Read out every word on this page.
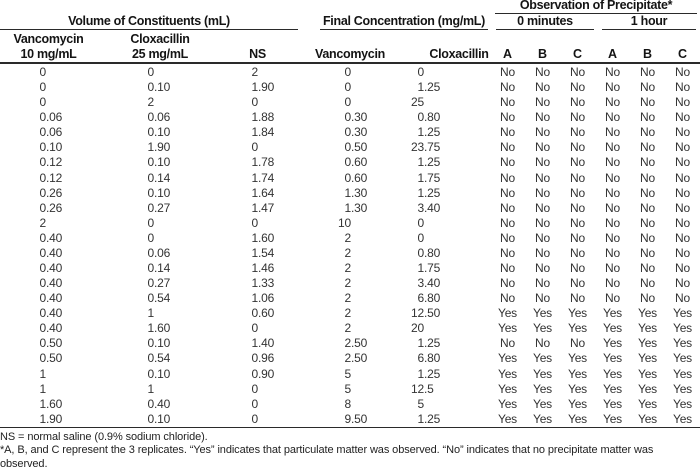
Observation of Precipitate*
Volume of Constituents (mL)	Final Concentration (mg/mL)	0 minutes	1 hour
Vancomycin
10 mg/mL
Cloxacillin
25 mg/mL	NS	Vancomycin	Cloxacillin	A	B	C	A	B	C
0	0	2	0	0	No	No	No	No	No	No
0	0 .10	1 .90	0	1 .25	No	No	No	No	No	No
0	2	0	0	25	No	No	No	No	No	No
0 .06	0 .06	1 .88	0 .30	0 .80	No	No	No	No	No	No
0 .06	0 .10	1 .84	0 .30	1 .25	No	No	No	No	No	No
0 .10	1 .90	0	0 .50	23 .75	No	No	No	No	No	No
0 .12	0 .10	1 .78	0 .60	1 .25	No	No	No	No	No	No
0 .12	0 .14	1 .74	0 .60	1 .75	No	No	No	No	No	No
0 .26	0 .10	1 .64	1 .30	1 .25	No	No	No	No	No	No
0 .26	0 .27	1 .47	1 .30	3 .40	No	No	No	No	No	No
2	0	0	10	0	No	No	No	No	No	No
0 .40	0	1 .60	2	0	No	No	No	No	No	No
0 .40	0 .06	1 .54	2	0 .80	No	No	No	No	No	No
0 .40	0 .14	1 .46	2	1 .75	No	No	No	No	No	No
0 .40	0 .27	1 .33	2	3 .40	No	No	No	No	No	No
0 .40	0 .54	1 .06	2	6 .80	No	No	No	No	No	No
0 .40	1	0 .60	2	12 .50	Yes	Yes	Yes	Yes	Yes	Yes
0 .40	1 .60	0	2	20	Yes	Yes	Yes	Yes	Yes	Yes
0 .50	0 .10	1 .40	2 .50	1 .25	No	No	No	Yes	Yes	Yes
0 .50	0 .54	0 .96	2 .50	6 .80	Yes	Yes	Yes	Yes	Yes	Yes
1	0 .10	0 .90	5	1 .25	Yes	Yes	Yes	Yes	Yes	Yes
1	1	0	5	12 .5	Yes	Yes	Yes	Yes	Yes	Yes
1 .60	0 .40	0	8	5	Yes	Yes	Yes	Yes	Yes	Yes
1 .90	0 .10	0	9 .50	1 .25	Yes	Yes	Yes	Yes	Yes	Yes
NS = normal saline (0.9% sodium chloride).
*A, B, and C represent the 3 replicates. “Yes” indicates that particulate matter was observed. “No” indicates that no precipitate matter was observed.
